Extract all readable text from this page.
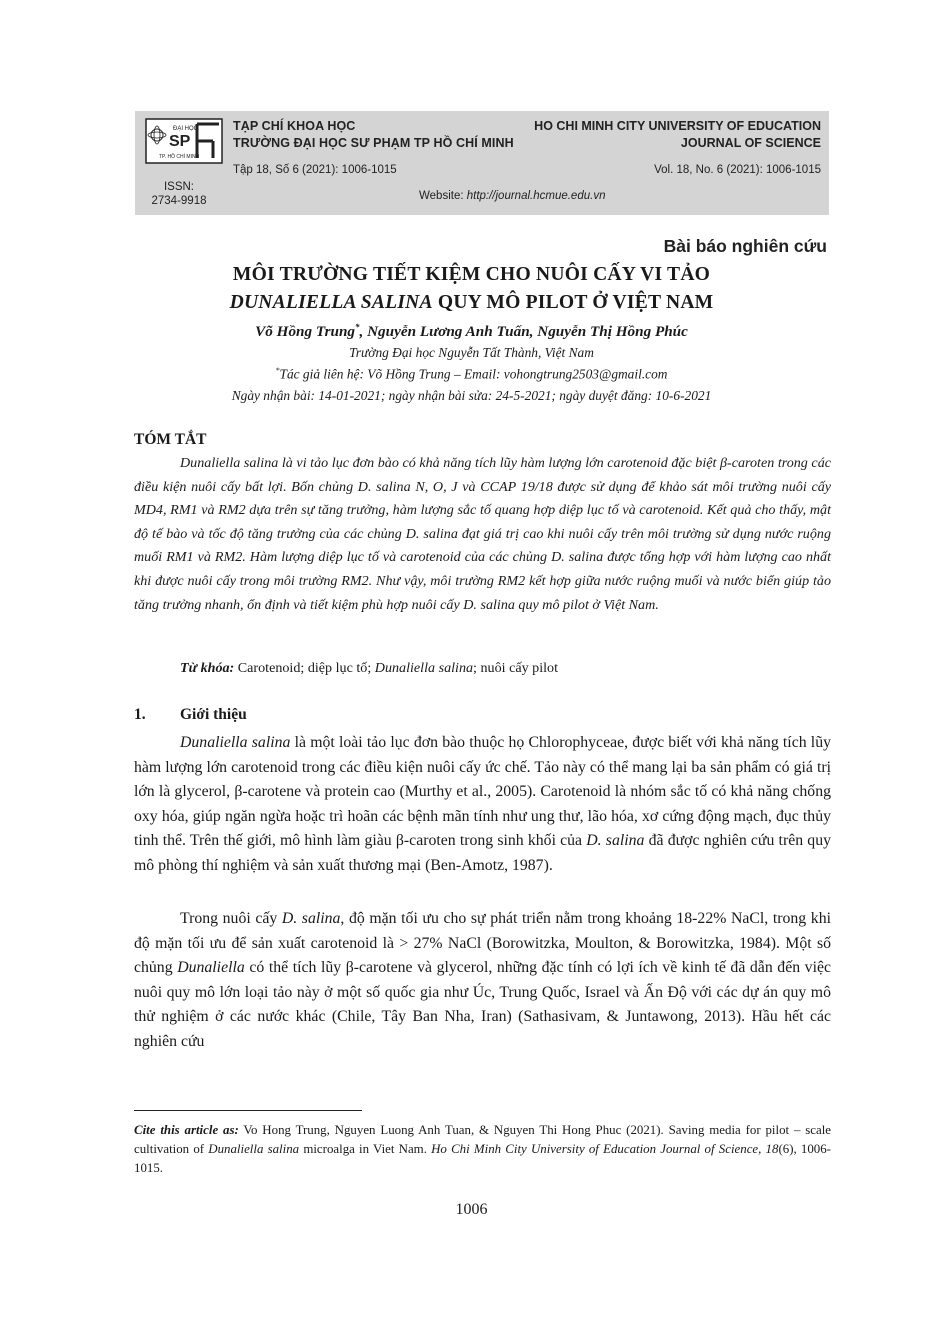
ĐẠI HỌC
SP
TP. HỒ CHÍ MINH
TẠP CHÍ KHOA HỌC
TRƯỜNG ĐẠI HỌC SƯ PHẠM TP HỒ CHÍ MINH
HO CHI MINH CITY UNIVERSITY OF EDUCATION
JOURNAL OF SCIENCE
Tập 18, Số 6 (2021): 1006-1015	Vol. 18, No. 6 (2021): 1006-1015
ISSN:
2734-9918	Website: http://journal.hcmue.edu.vn
Bài báo nghiên cứu
MÔI TRƯỜNG TIẾT KIỆM CHO NUÔI CẤY VI TẢO
DUNALIELLA SALINA QUY MÔ PILOT Ở VIỆT NAM
Võ Hồng Trung*, Nguyễn Lương Anh Tuấn, Nguyễn Thị Hồng Phúc
Trường Đại học Nguyễn Tất Thành, Việt Nam
*Tác giả liên hệ: Võ Hồng Trung – Email: vohongtrung2503@gmail.com
Ngày nhận bài: 14-01-2021; ngày nhận bài sửa: 24-5-2021; ngày duyệt đăng: 10-6-2021
TÓM TẮT

Dunaliella salina là vi tảo lục đơn bào có khả năng tích lũy hàm lượng lớn carotenoid đặc biệt β-caroten trong các điều kiện nuôi cấy bất lợi. Bốn chủng D. salina N, O, J và CCAP 19/18 được sử dụng để khảo sát môi trường nuôi cấy MD4, RM1 và RM2 dựa trên sự tăng trưởng, hàm lượng sắc tố quang hợp diệp lục tố và carotenoid. Kết quả cho thấy, mật độ tế bào và tốc độ tăng trưởng của các chủng D. salina đạt giá trị cao khi nuôi cấy trên môi trường sử dụng nước ruộng muối RM1 và RM2. Hàm lượng diệp lục tố và carotenoid của các chủng D. salina được tổng hợp với hàm lượng cao nhất khi được nuôi cấy trong môi trường RM2. Như vậy, môi trường RM2 kết hợp giữa nước ruộng muối và nước biển giúp tảo tăng trưởng nhanh, ổn định và tiết kiệm phù hợp nuôi cấy D. salina quy mô pilot ở Việt Nam.

Từ khóa: Carotenoid; diệp lục tố; Dunaliella salina; nuôi cấy pilot
1. Giới thiệu

Dunaliella salina là một loài tảo lục đơn bào thuộc họ Chlorophyceae, được biết với khả năng tích lũy hàm lượng lớn carotenoid trong các điều kiện nuôi cấy ức chế. Tảo này có thể mang lại ba sản phẩm có giá trị lớn là glycerol, β-carotene và protein cao (Murthy et al., 2005). Carotenoid là nhóm sắc tố có khả năng chống oxy hóa, giúp ngăn ngừa hoặc trì hoãn các bệnh mãn tính như ung thư, lão hóa, xơ cứng động mạch, đục thủy tinh thể. Trên thế giới, mô hình làm giàu β-caroten trong sinh khối của D. salina đã được nghiên cứu trên quy mô phòng thí nghiệm và sản xuất thương mại (Ben-Amotz, 1987).

Trong nuôi cấy D. salina, độ mặn tối ưu cho sự phát triển nằm trong khoảng 18-22% NaCl, trong khi độ mặn tối ưu để sản xuất carotenoid là > 27% NaCl (Borowitzka, Moulton, & Borowitzka, 1984). Một số chủng Dunaliella có thể tích lũy β-carotene và glycerol, những đặc tính có lợi ích về kinh tế đã dẫn đến việc nuôi quy mô lớn loại tảo này ở một số quốc gia như Úc, Trung Quốc, Israel và Ấn Độ với các dự án quy mô thử nghiệm ở các nước khác (Chile, Tây Ban Nha, Iran) (Sathasivam, & Juntawong, 2013). Hầu hết các nghiên cứu

Cite this article as: Vo Hong Trung, Nguyen Luong Anh Tuan, & Nguyen Thi Hong Phuc (2021). Saving media for pilot – scale cultivation of Dunaliella salina microalga in Viet Nam. Ho Chi Minh City University of Education Journal of Science, 18(6), 1006-1015.

1006
